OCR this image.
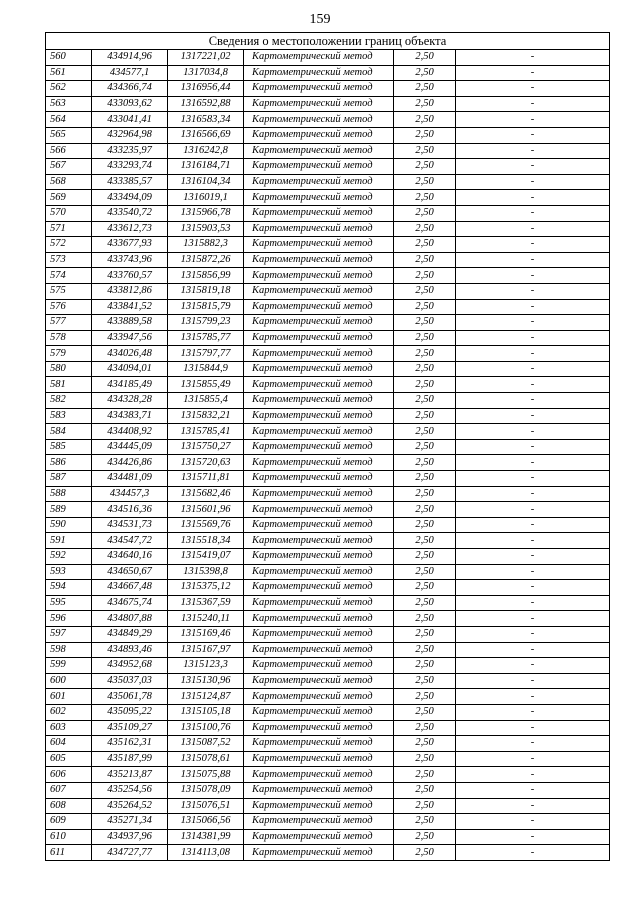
159
Сведения о местоположении границ объекта					
560	434914,96	1317221,02	Картометрический метод	2,50	-
561	434577,1	1317034,8	Картометрический метод	2,50	-
562	434366,74	1316956,44	Картометрический метод	2,50	-
563	433093,62	1316592,88	Картометрический метод	2,50	-
564	433041,41	1316583,34	Картометрический метод	2,50	-
565	432964,98	1316566,69	Картометрический метод	2,50	-
566	433235,97	1316242,8	Картометрический метод	2,50	-
567	433293,74	1316184,71	Картометрический метод	2,50	-
568	433385,57	1316104,34	Картометрический метод	2,50	-
569	433494,09	1316019,1	Картометрический метод	2,50	-
570	433540,72	1315966,78	Картометрический метод	2,50	-
571	433612,73	1315903,53	Картометрический метод	2,50	-
572	433677,93	1315882,3	Картометрический метод	2,50	-
573	433743,96	1315872,26	Картометрический метод	2,50	-
574	433760,57	1315856,99	Картометрический метод	2,50	-
575	433812,86	1315819,18	Картометрический метод	2,50	-
576	433841,52	1315815,79	Картометрический метод	2,50	-
577	433889,58	1315799,23	Картометрический метод	2,50	-
578	433947,56	1315785,77	Картометрический метод	2,50	-
579	434026,48	1315797,77	Картометрический метод	2,50	-
580	434094,01	1315844,9	Картометрический метод	2,50	-
581	434185,49	1315855,49	Картометрический метод	2,50	-
582	434328,28	1315855,4	Картометрический метод	2,50	-
583	434383,71	1315832,21	Картометрический метод	2,50	-
584	434408,92	1315785,41	Картометрический метод	2,50	-
585	434445,09	1315750,27	Картометрический метод	2,50	-
586	434426,86	1315720,63	Картометрический метод	2,50	-
587	434481,09	1315711,81	Картометрический метод	2,50	-
588	434457,3	1315682,46	Картометрический метод	2,50	-
589	434516,36	1315601,96	Картометрический метод	2,50	-
590	434531,73	1315569,76	Картометрический метод	2,50	-
591	434547,72	1315518,34	Картометрический метод	2,50	-
592	434640,16	1315419,07	Картометрический метод	2,50	-
593	434650,67	1315398,8	Картометрический метод	2,50	-
594	434667,48	1315375,12	Картометрический метод	2,50	-
595	434675,74	1315367,59	Картометрический метод	2,50	-
596	434807,88	1315240,11	Картометрический метод	2,50	-
597	434849,29	1315169,46	Картометрический метод	2,50	-
598	434893,46	1315167,97	Картометрический метод	2,50	-
599	434952,68	1315123,3	Картометрический метод	2,50	-
600	435037,03	1315130,96	Картометрический метод	2,50	-
601	435061,78	1315124,87	Картометрический метод	2,50	-
602	435095,22	1315105,18	Картометрический метод	2,50	-
603	435109,27	1315100,76	Картометрический метод	2,50	-
604	435162,31	1315087,52	Картометрический метод	2,50	-
605	435187,99	1315078,61	Картометрический метод	2,50	-
606	435213,87	1315075,88	Картометрический метод	2,50	-
607	435254,56	1315078,09	Картометрический метод	2,50	-
608	435264,52	1315076,51	Картометрический метод	2,50	-
609	435271,34	1315066,56	Картометрический метод	2,50	-
610	434937,96	1314381,99	Картометрический метод	2,50	-
611	434727,77	1314113,08	Картометрический метод	2,50	-
